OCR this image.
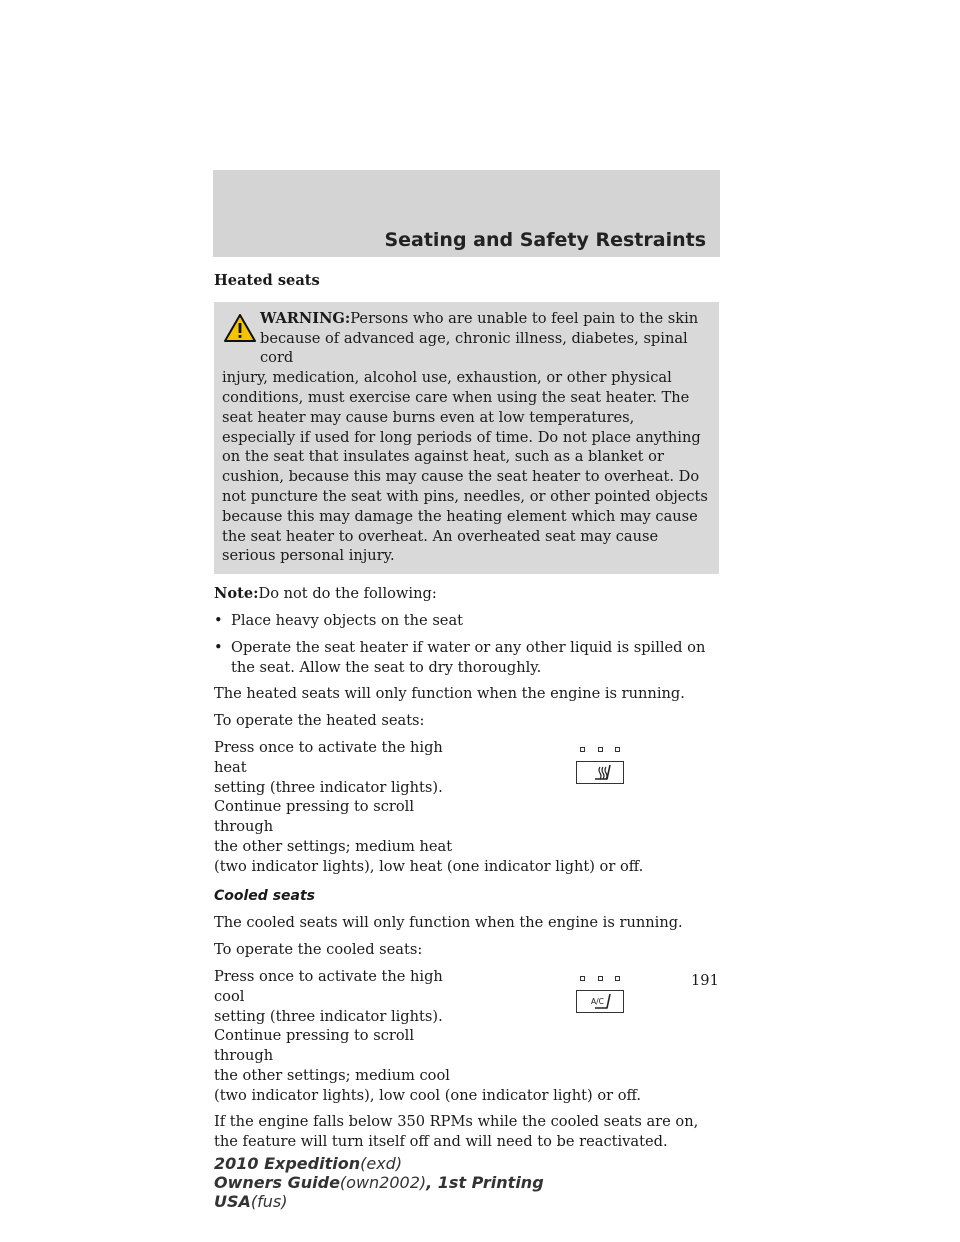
Seating and Safety Restraints

Heated seats

WARNING:Persons who are unable to feel pain to the skin

because of advanced age, chronic illness, diabetes, spinal cord

injury, medication, alcohol use, exhaustion, or other physical conditions, must exercise care when using the seat heater. The seat heater may cause burns even at low temperatures, especially if used for long periods of time. Do not place anything on the seat that insulates against heat, such as a blanket or cushion, because this may cause the seat heater to overheat. Do not puncture the seat with pins, needles, or other pointed objects because this may damage the heating element which may cause the seat heater to overheat. An overheated seat may cause serious personal injury.

Note:Do not do the following:

• Place heavy objects on the seat
• Operate the seat heater if water or any other liquid is spilled on the seat. Allow the seat to dry thoroughly.

The heated seats will only function when the engine is running.

To operate the heated seats:

Press once to activate the high heat

setting (three indicator lights).

Continue pressing to scroll through

the other settings; medium heat

(two indicator lights), low heat (one indicator light) or off.

Cooled seats

The cooled seats will only function when the engine is running.

To operate the cooled seats:

A/C

Press once to activate the high cool

setting (three indicator lights).

Continue pressing to scroll through

the other settings; medium cool

(two indicator lights), low cool (one indicator light) or off.

If the engine falls below 350 RPMs while the cooled seats are on, the feature will turn itself off and will need to be reactivated.

191
2010 Expedition(exd)
Owners Guide(own2002), 1st Printing
USA(fus)
